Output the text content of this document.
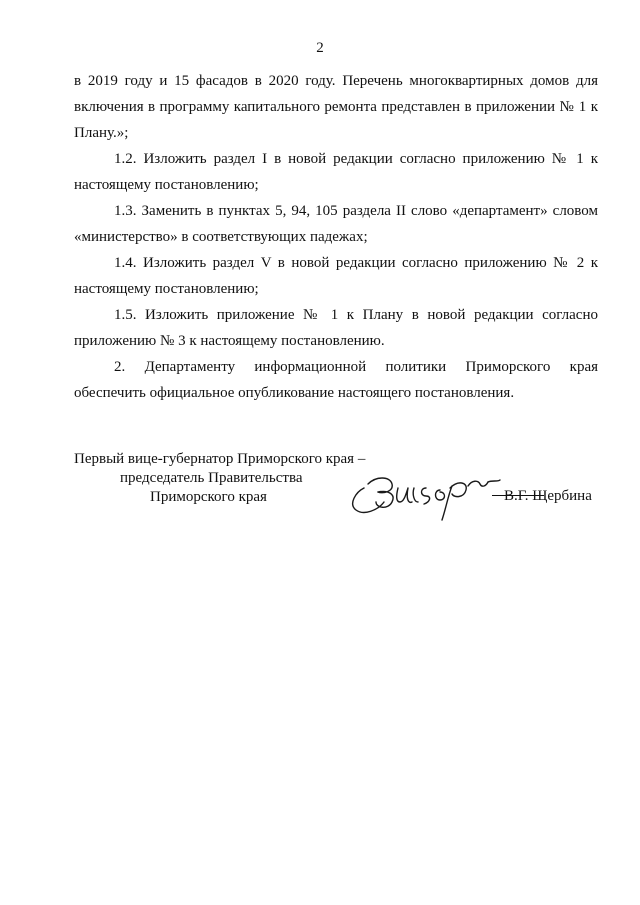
2

в 2019 году и 15 фасадов в 2020 году. Перечень многоквартирных домов для включения в программу капитального ремонта представлен в приложении № 1 к Плану.»;

1.2. Изложить раздел I в новой редакции согласно приложению № 1 к настоящему постановлению;

1.3. Заменить в пунктах 5, 94, 105 раздела II слово «департамент» словом «министерство» в соответствующих падежах;

1.4. Изложить раздел V в новой редакции согласно приложению № 2 к настоящему постановлению;

1.5. Изложить приложение № 1 к Плану в новой редакции согласно приложению № 3 к настоящему постановлению.

2. Департаменту информационной политики Приморского края

обеспечить официальное опубликование настоящего постановления.

Первый вице-губернатор Приморского края –
председатель Правительства
Приморского края	В.Г. Щербина
